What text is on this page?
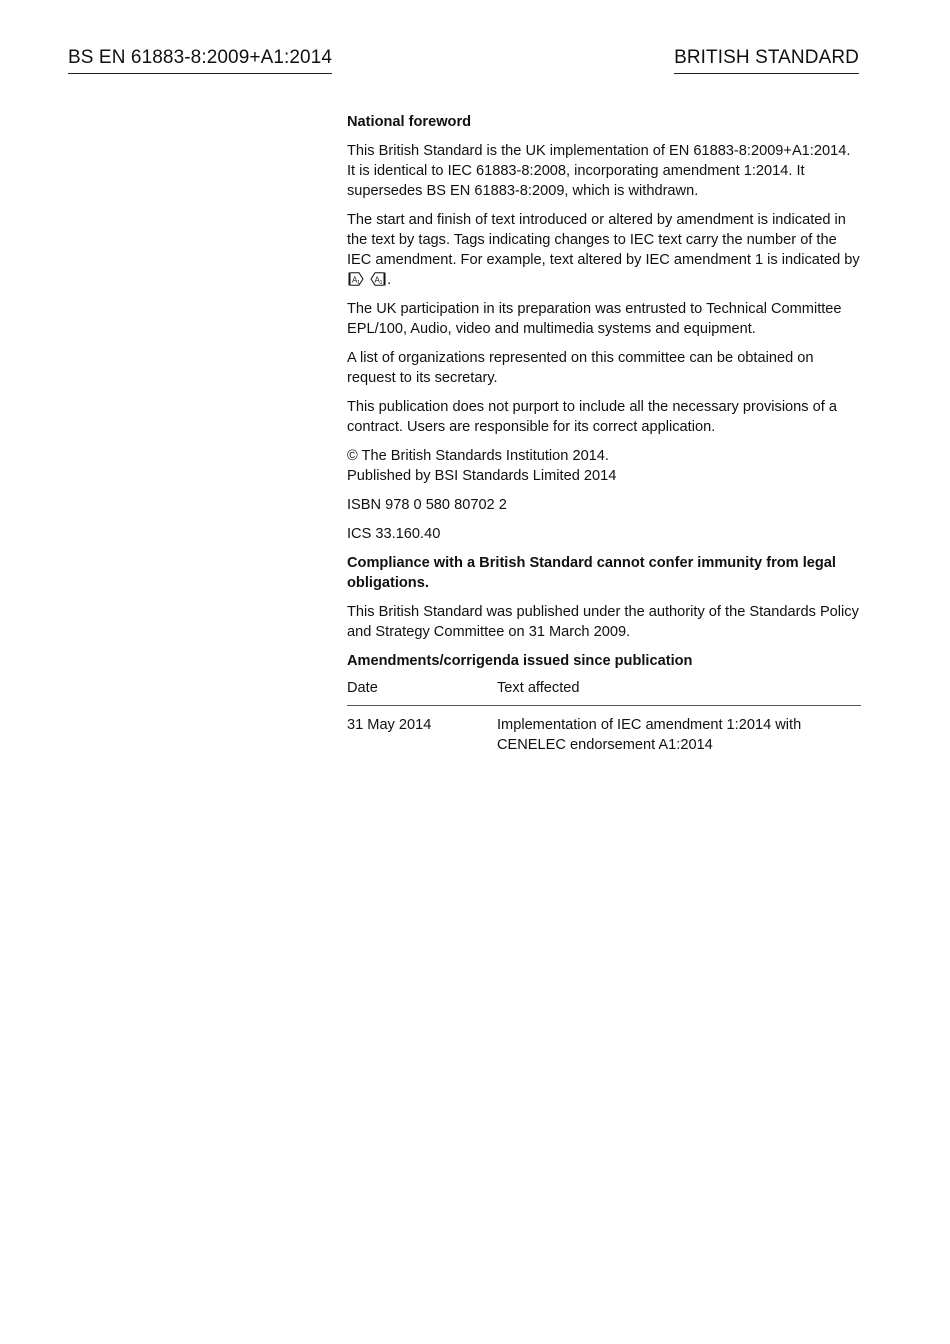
BS EN 61883-8:2009+A1:2014	BRITISH STANDARD

National foreword

This British Standard is the UK implementation of EN 61883-8:2009+A1:2014. It is identical to IEC 61883-8:2008, incorporating amendment 1:2014. It supersedes BS EN 61883-8:2009, which is withdrawn.

The start and finish of text introduced or altered by amendment is indicated in the text by tags. Tags indicating changes to IEC text carry the number of the IEC amendment. For example, text altered by IEC amendment 1 is indicated by
A 1
A 1 .

The UK participation in its preparation was entrusted to Technical Committee EPL/100, Audio, video and multimedia systems and equipment.

A list of organizations represented on this committee can be obtained on request to its secretary.

This publication does not purport to include all the necessary provisions of a contract. Users are responsible for its correct application.

© The British Standards Institution 2014.
Published by BSI Standards Limited 2014

ISBN 978 0 580 80702 2

ICS 33.160.40

Compliance with a British Standard cannot confer immunity from legal obligations.

This British Standard was published under the authority of the Standards Policy and Strategy Committee on 31 March 2009.

Amendments/corrigenda issued since publication

Date	Text affected
31 May 2014	Implementation of IEC amendment 1:2014 with CENELEC endorsement A1:2014
